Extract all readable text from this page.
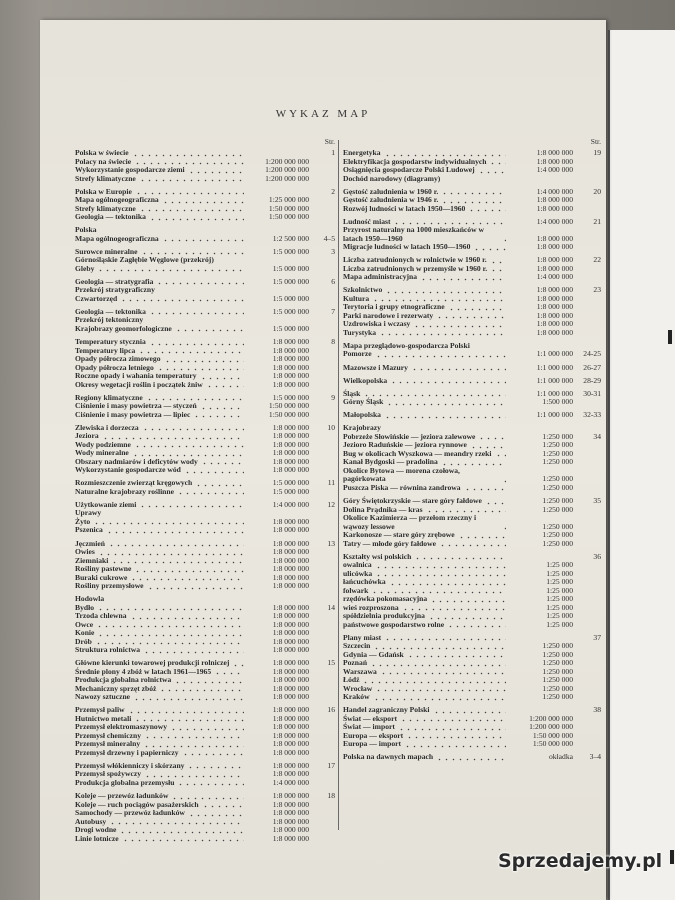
WYKAZ MAP
Str.
Polska w świecie	1
Polacy na świecie	1:200 000 000
Wykorzystanie gospodarcze ziemi	1:200 000 000
Strefy klimatyczne	1:200 000 000
Polska w Europie	2
Mapa ogólnogeograficzna	1:25 000 000
Strefy klimatyczne	1:50 000 000
Geologia — tektonika	1:50 000 000
Polska
Mapa ogólnogeograficzna	1:2 500 000	4–5
Surowce mineralne	1:5 000 000	3
Górnośląskie Zagłębie Węglowe (przekrój)
Gleby	1:5 000 000
Geologia — stratygrafia	1:5 000 000	6
Przekrój stratygraficzny
Czwartorzęd	1:5 000 000
Geologia — tektonika	1:5 000 000	7
Przekrój tektoniczny
Krajobrazy geomorfologiczne	1:5 000 000
Temperatury stycznia	1:8 000 000	8
Temperatury lipca	1:8 000 000
Opady półrocza zimowego	1:8 000 000
Opady półrocza letniego	1:8 000 000
Roczne opady i wahania temperatury	1:8 000 000
Okresy wegetacji roślin i początek żniw	1:8 000 000
Regiony klimatyczne	1:5 000 000	9
Ciśnienie i masy powietrza — styczeń	1:50 000 000
Ciśnienie i masy powietrza — lipiec	1:50 000 000
Zlewiska i dorzecza	1:8 000 000	10
Jeziora	1:8 000 000
Wody podziemne	1:8 000 000
Wody mineralne	1:8 000 000
Obszary nadmiarów i deficytów wody	1:8 000 000
Wykorzystanie gospodarcze wód	1:8 000 000
Rozmieszczenie zwierząt kręgowych	1:5 000 000	11
Naturalne krajobrazy roślinne	1:5 000 000
Użytkowanie ziemi	1:4 000 000	12
Uprawy
Żyto	1:8 000 000
Pszenica	1:8 000 000
Jęczmień	1:8 000 000	13
Owies	1:8 000 000
Ziemniaki	1:8 000 000
Rośliny pastewne	1:8 000 000
Buraki cukrowe	1:8 000 000
Rośliny przemysłowe	1:8 000 000
Hodowla
Bydło	1:8 000 000	14
Trzoda chlewna	1:8 000 000
Owce	1:8 000 000
Konie	1:8 000 000
Drób	1:8 000 000
Struktura rolnictwa	1:8 000 000
Główne kierunki towarowej produkcji rolniczej	1:8 000 000	15
Średnie plony 4 zbóż w latach 1961—1965	1:8 000 000
Produkcja globalna rolnictwa	1:8 000 000
Mechaniczny sprzęt zbóż	1:8 000 000
Nawozy sztuczne	1:8 000 000
Przemysł paliw	1:8 000 000	16
Hutnictwo metali	1:8 000 000
Przemysł elektromaszynowy	1:8 000 000
Przemysł chemiczny	1:8 000 000
Przemysł mineralny	1:8 000 000
Przemysł drzewny i papierniczy	1:8 000 000
Przemysł włókienniczy i skórzany	1:8 000 000	17
Przemysł spożywczy	1:8 000 000
Produkcja globalna przemysłu	1:4 000 000
Koleje — przewóz ładunków	1:8 000 000	18
Koleje — ruch pociągów pasażerskich	1:8 000 000
Samochody — przewóz ładunków	1:8 000 000
Autobusy	1:8 000 000
Drogi wodne	1:8 000 000
Linie lotnicze	1:8 000 000
Str.
Energetyka	1:8 000 000	19
Elektryfikacja gospodarstw indywidualnych	1:8 000 000
Osiągnięcia gospodarcze Polski Ludowej	1:4 000 000
Dochód narodowy (diagramy)
Gęstość zaludnienia w 1960 r.	1:4 000 000	20
Gęstość zaludnienia w 1946 r.	1:8 000 000
Rozwój ludności w latach 1950—1960	1:8 000 000
Ludność miast	1:4 000 000	21
Przyrost naturalny na 1000 mieszkańców w latach 1950—1960	1:8 000 000
Migracje ludności w latach 1950—1960	1:8 000 000
Liczba zatrudnionych w rolnictwie w 1960 r.	1:8 000 000	22
Liczba zatrudnionych w przemyśle w 1960 r.	1:8 000 000
Mapa administracyjna	1:4 000 000
Szkolnictwo	1:8 000 000	23
Kultura	1:8 000 000
Terytoria i grupy etnograficzne	1:8 000 000
Parki narodowe i rezerwaty	1:8 000 000
Uzdrowiska i wczasy	1:8 000 000
Turystyka	1:8 000 000
Mapa przeglądowo-gospodarcza Polski
Pomorze	1:1 000 000	24-25
Mazowsze i Mazury	1:1 000 000	26-27
Wielkopolska	1:1 000 000	28-29
Śląsk	1:1 000 000	30-31
Górny Śląsk	1:500 000
Małopolska	1:1 000 000	32-33
Krajobrazy
Pobrzeże Słowińskie — jeziora zalewowe	1:250 000	34
Jezioro Raduńskie — jeziora rynnowe	1:250 000
Bug w okolicach Wyszkowa — meandry rzeki	1:250 000
Kanał Bydgoski — pradolina	1:250 000
Okolice Bytowa — morena czołowa, pagórkowata	1:250 000
Puszcza Piska — równina zandrowa	1:250 000
Góry Świętokrzyskie — stare góry fałdowe	1:250 000	35
Dolina Prądnika — kras	1:250 000
Okolice Kazimierza — przełom rzeczny i wąwozy lessowe	1:250 000
Karkonosze — stare góry zrębowe	1:250 000
Tatry — młode góry fałdowe	1:250 000
Kształty wsi polskich	36
owalnica	1:25 000
ulicówka	1:25 000
łańcuchówka	1:25 000
folwark	1:25 000
rzędówka pokomasacyjna	1:25 000
wieś rozproszona	1:25 000
spółdzielnia produkcyjna	1:25 000
państwowe gospodarstwo rolne	1:25 000
Plany miast	37
Szczecin	1:250 000
Gdynia — Gdańsk	1:250 000
Poznań	1:250 000
Warszawa	1:250 000
Łódź	1:250 000
Wrocław	1:250 000
Kraków	1:250 000
Handel zagraniczny Polski	38
Świat — eksport	1:200 000 000
Świat — import	1:200 000 000
Europa — eksport	1:50 000 000
Europa — import	1:50 000 000
Polska na dawnych mapach	okładka	3–4
Sprzedajemy.pl
